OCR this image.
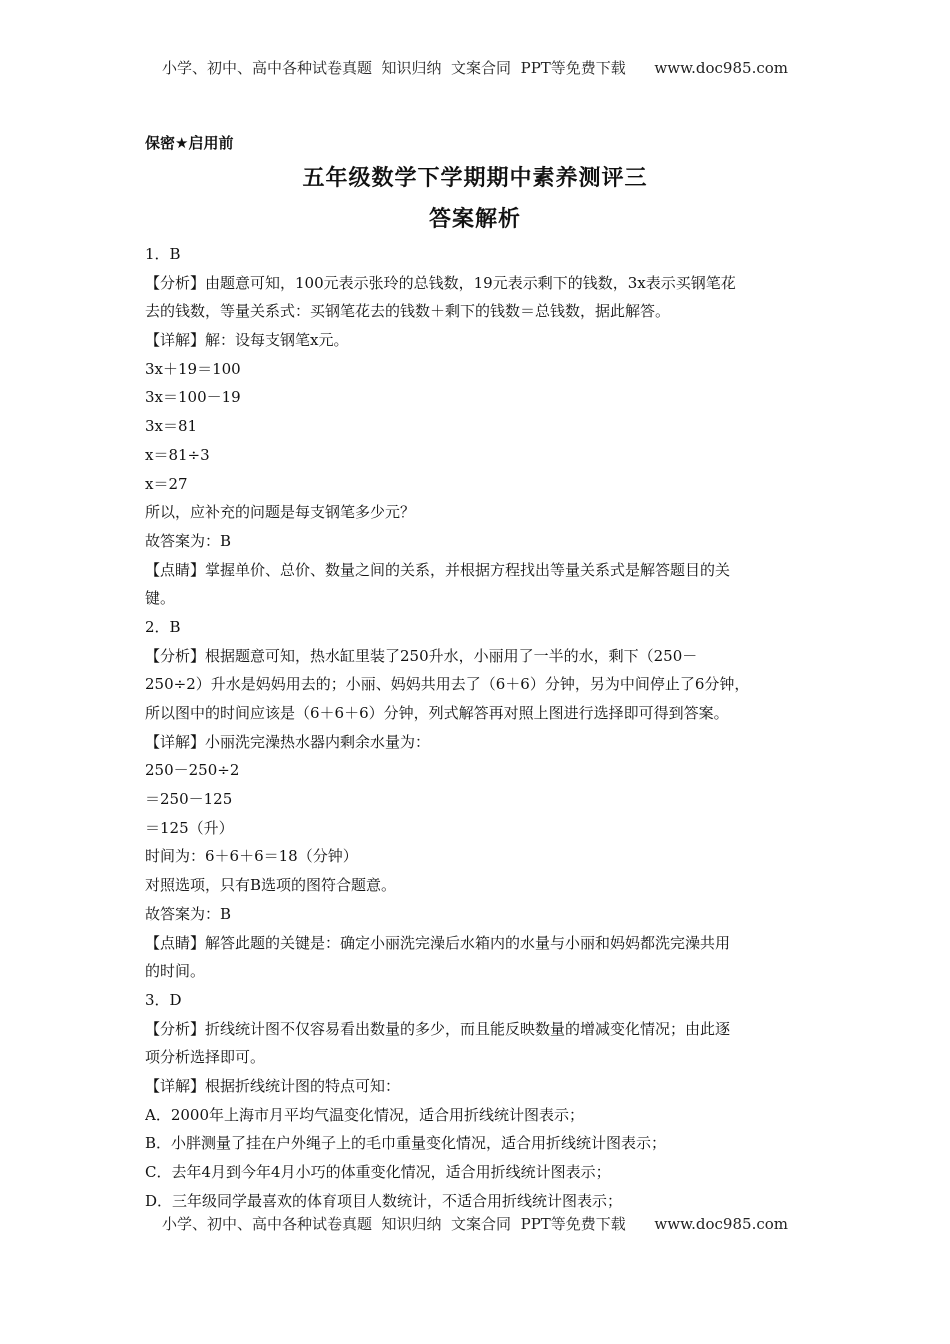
小学、初中、高中各种试卷真题  知识归纳  文案合同  PPT等免费下载      www.doc985.com
保密★启用前
五年级数学下学期期中素养测评三
答案解析
1．B
【分析】由题意可知，100元表示张玲的总钱数，19元表示剩下的钱数，3x表示买钢笔花
去的钱数，等量关系式：买钢笔花去的钱数＋剩下的钱数＝总钱数，据此解答。
【详解】解：设每支钢笔x元。
3x＋19＝100
3x＝100－19
3x＝81
x＝81÷3
x＝27
所以，应补充的问题是每支钢笔多少元？
故答案为：B
【点睛】掌握单价、总价、数量之间的关系，并根据方程找出等量关系式是解答题目的关
键。
2．B
【分析】根据题意可知，热水缸里装了250升水，小丽用了一半的水，剩下（250－
250÷2）升水是妈妈用去的；小丽、妈妈共用去了（6＋6）分钟，另为中间停止了6分钟，
所以图中的时间应该是（6＋6＋6）分钟，列式解答再对照上图进行选择即可得到答案。
【详解】小丽洗完澡热水器内剩余水量为：
250－250÷2
＝250－125
＝125（升）
时间为：6＋6＋6＝18（分钟）
对照选项，只有B选项的图符合题意。
故答案为：B
【点睛】解答此题的关键是：确定小丽洗完澡后水箱内的水量与小丽和妈妈都洗完澡共用
的时间。
3．D
【分析】折线统计图不仅容易看出数量的多少，而且能反映数量的增减变化情况；由此逐
项分析选择即可。
【详解】根据折线统计图的特点可知：
A．2000年上海市月平均气温变化情况，适合用折线统计图表示；
B．小胖测量了挂在户外绳子上的毛巾重量变化情况，适合用折线统计图表示；
C．去年4月到今年4月小巧的体重变化情况，适合用折线统计图表示；
D．三年级同学最喜欢的体育项目人数统计，不适合用折线统计图表示；
小学、初中、高中各种试卷真题  知识归纳  文案合同  PPT等免费下载      www.doc985.com
